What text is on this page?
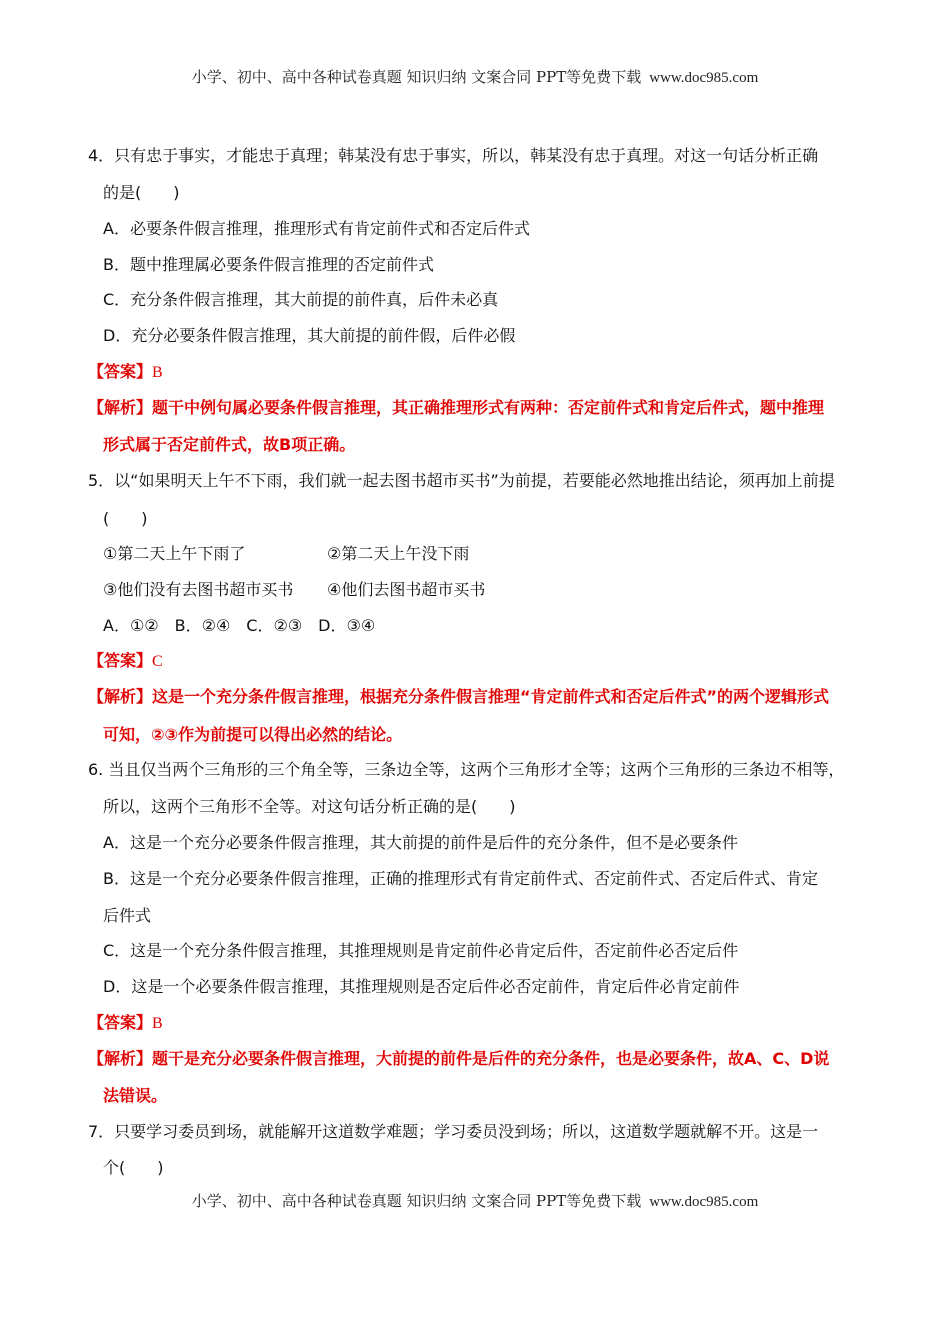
小学、初中、高中各种试卷真题 知识归纳 文案合同 PPT等免费下载 www.doc985.com
4．只有忠于事实，才能忠于真理；韩某没有忠于事实，所以，韩某没有忠于真理。对这一句话分析正确
的是(　　)
A．必要条件假言推理，推理形式有肯定前件式和否定后件式
B．题中推理属必要条件假言推理的否定前件式
C．充分条件假言推理，其大前提的前件真，后件未必真
D．充分必要条件假言推理，其大前提的前件假，后件必假
【答案】B
【解析】题干中例句属必要条件假言推理，其正确推理形式有两种：否定前件式和肯定后件式，题中推理
形式属于否定前件式，故B项正确。
5．以“如果明天上午不下雨，我们就一起去图书超市买书”为前提，若要能必然地推出结论，须再加上前提
(　　)
①第二天上午下雨了	②第二天上午没下雨
③他们没有去图书超市买书 ④他们去图书超市买书
A．①②　B．②④　C．②③　D．③④
【答案】C
【解析】这是一个充分条件假言推理，根据充分条件假言推理“肯定前件式和否定后件式”的两个逻辑形式
可知，②③作为前提可以得出必然的结论。
6. 当且仅当两个三角形的三个角全等，三条边全等，这两个三角形才全等；这两个三角形的三条边不相等，
所以，这两个三角形不全等。对这句话分析正确的是(　　)
A．这是一个充分必要条件假言推理，其大前提的前件是后件的充分条件，但不是必要条件
B．这是一个充分必要条件假言推理，正确的推理形式有肯定前件式、否定前件式、否定后件式、肯定
后件式
C．这是一个充分条件假言推理，其推理规则是肯定前件必肯定后件，否定前件必否定后件
D．这是一个必要条件假言推理，其推理规则是否定后件必否定前件，肯定后件必肯定前件
【答案】B
【解析】题干是充分必要条件假言推理，大前提的前件是后件的充分条件，也是必要条件，故A、C、D说
法错误。
7．只要学习委员到场，就能解开这道数学难题；学习委员没到场；所以，这道数学题就解不开。这是一
个(　　)
小学、初中、高中各种试卷真题 知识归纳 文案合同 PPT等免费下载 www.doc985.com
